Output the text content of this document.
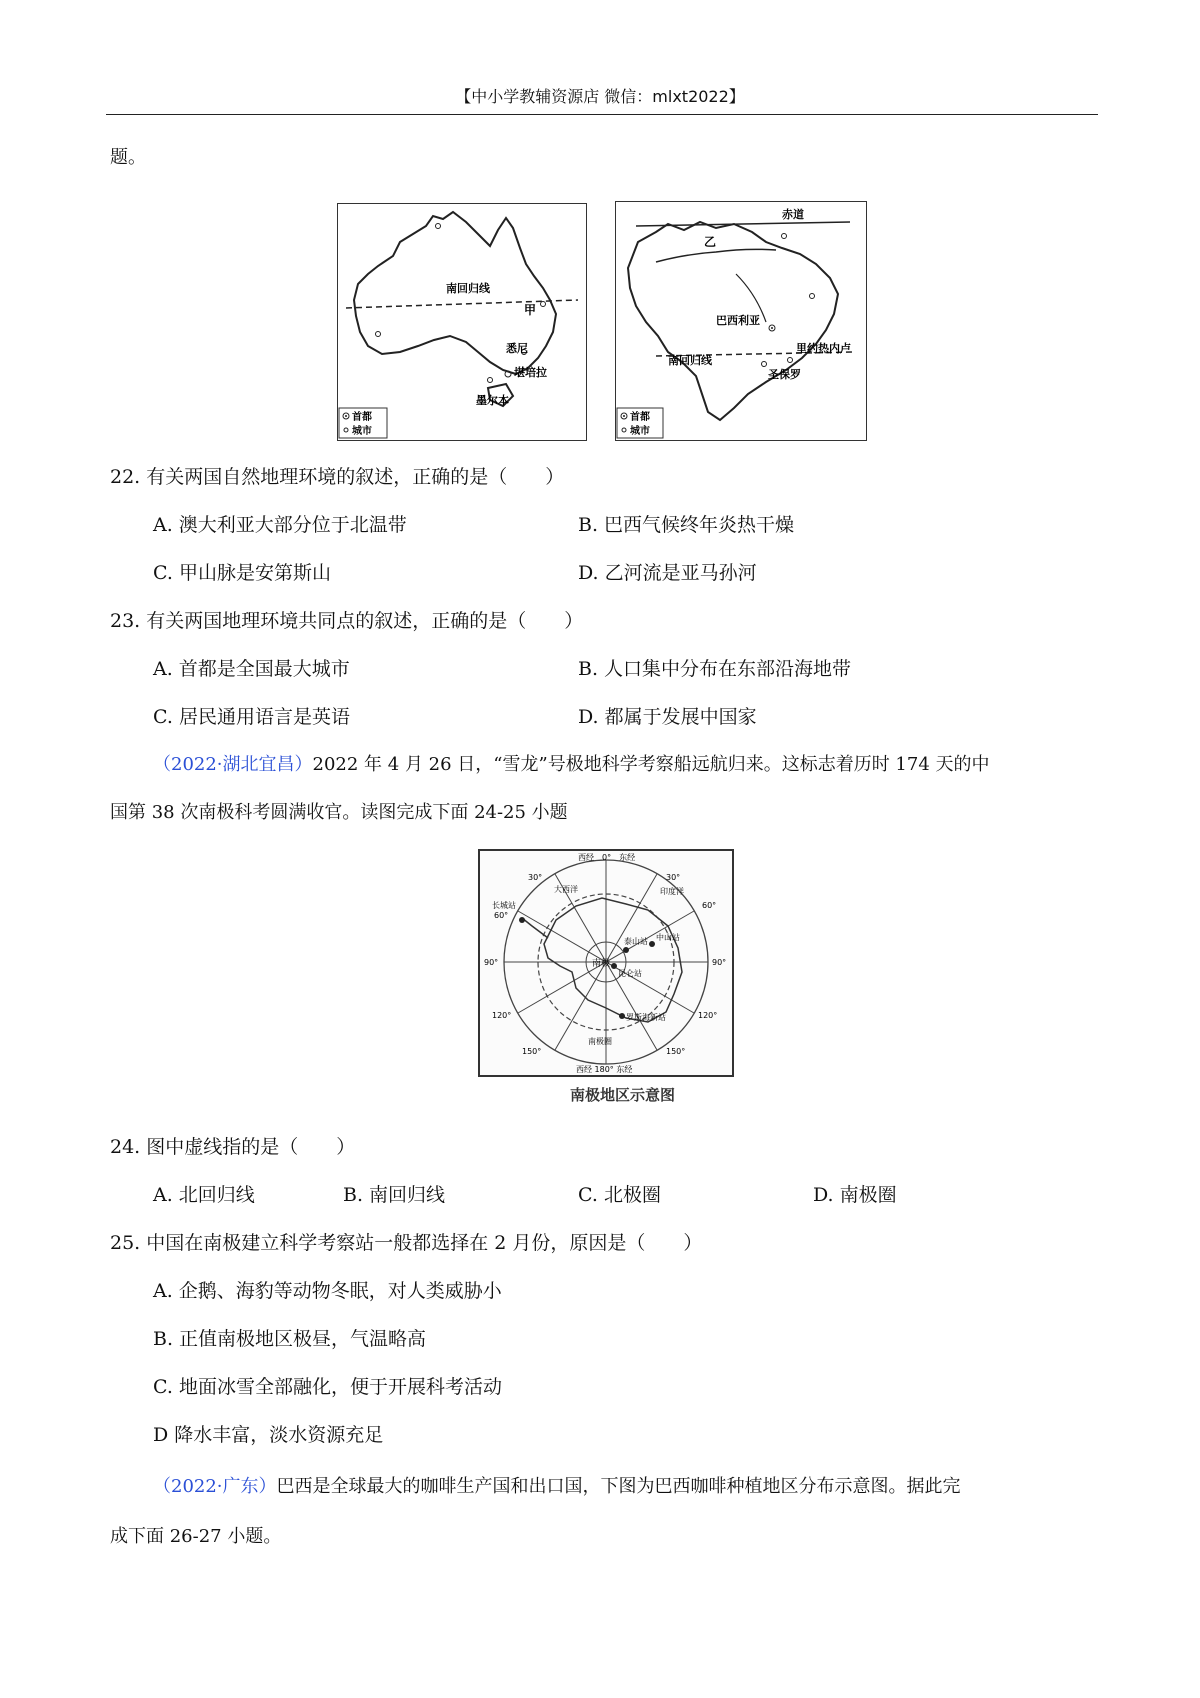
【中小学教辅资源店 微信：mlxt2022】
题。
南回归线
甲
悉尼
堪培拉
墨尔本
首都
城市
赤道
乙
巴西利亚
里约热内卢
南回归线
圣保罗
首都
城市
22. 有关两国自然地理环境的叙述，正确的是（　　）
A. 澳大利亚大部分位于北温带	B. 巴西气候终年炎热干燥
C. 甲山脉是安第斯山	D. 乙河流是亚马孙河
23. 有关两国地理环境共同点的叙述，正确的是（　　）
A. 首都是全国最大城市	B. 人口集中分布在东部沿海地带
C. 居民通用语言是英语	D. 都属于发展中国家
（2022·湖北宜昌）2022 年 4 月 26 日，“雪龙”号极地科学考察船远航归来。这标志着历时 174 天的中
国第 38 次南极科考圆满收官。读图完成下面 24-25 小题
西经　0°　东经
西经 180° 东经
30°	30°
60°
60°
90°	90°
120°	120°
150°	150°
大西洋	印度洋
长城站
泰山站 中山站
昆仑站
南极
罗斯海新站
南极圈
南极地区示意图
24. 图中虚线指的是（　　）
A. 北回归线	B. 南回归线	C. 北极圈	D. 南极圈
25. 中国在南极建立科学考察站一般都选择在 2 月份，原因是（　　）
A. 企鹅、海豹等动物冬眠，对人类威胁小
B. 正值南极地区极昼，气温略高
C. 地面冰雪全部融化，便于开展科考活动
D 降水丰富，淡水资源充足
（2022·广东）巴西是全球最大的咖啡生产国和出口国，下图为巴西咖啡种植地区分布示意图。据此完
成下面 26-27 小题。
